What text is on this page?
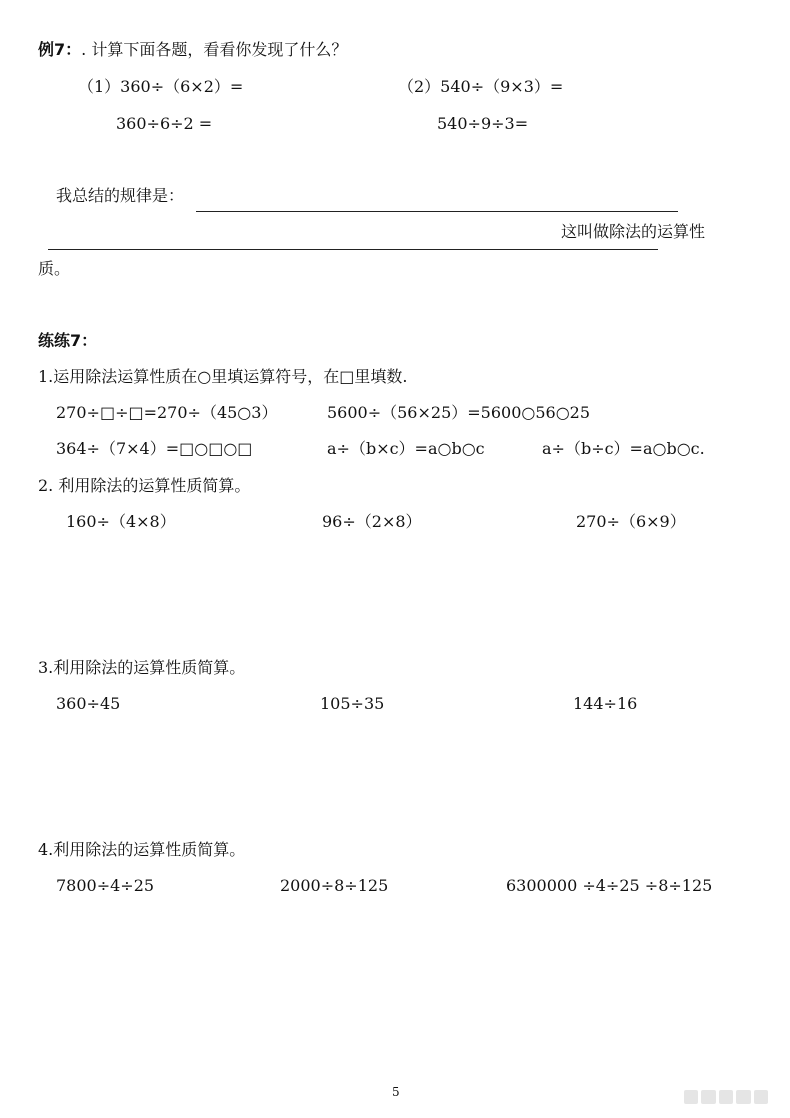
例7：. 计算下面各题，看看你发现了什么？
（1）360÷（6×2）=
360÷6÷2 =
（2）540÷（9×3）=
540÷9÷3=
我总结的规律是：
这叫做除法的运算性
质。
练练7：
1.运用除法运算性质在○里填运算符号，在□里填数.
270÷□÷□=270÷（45○3）	5600÷（56×25）=5600○56○25
364÷（7×4）=□○□○□	a÷（b×c）=a○b○c	a÷（b÷c）=a○b○c.
2. 利用除法的运算性质简算。
160÷（4×8）	96÷（2×8）	270÷（6×9）
3.利用除法的运算性质简算。
360÷45	105÷35	144÷16
4.利用除法的运算性质简算。
7800÷4÷25	2000÷8÷125	6300000 ÷4÷25 ÷8÷125
5
